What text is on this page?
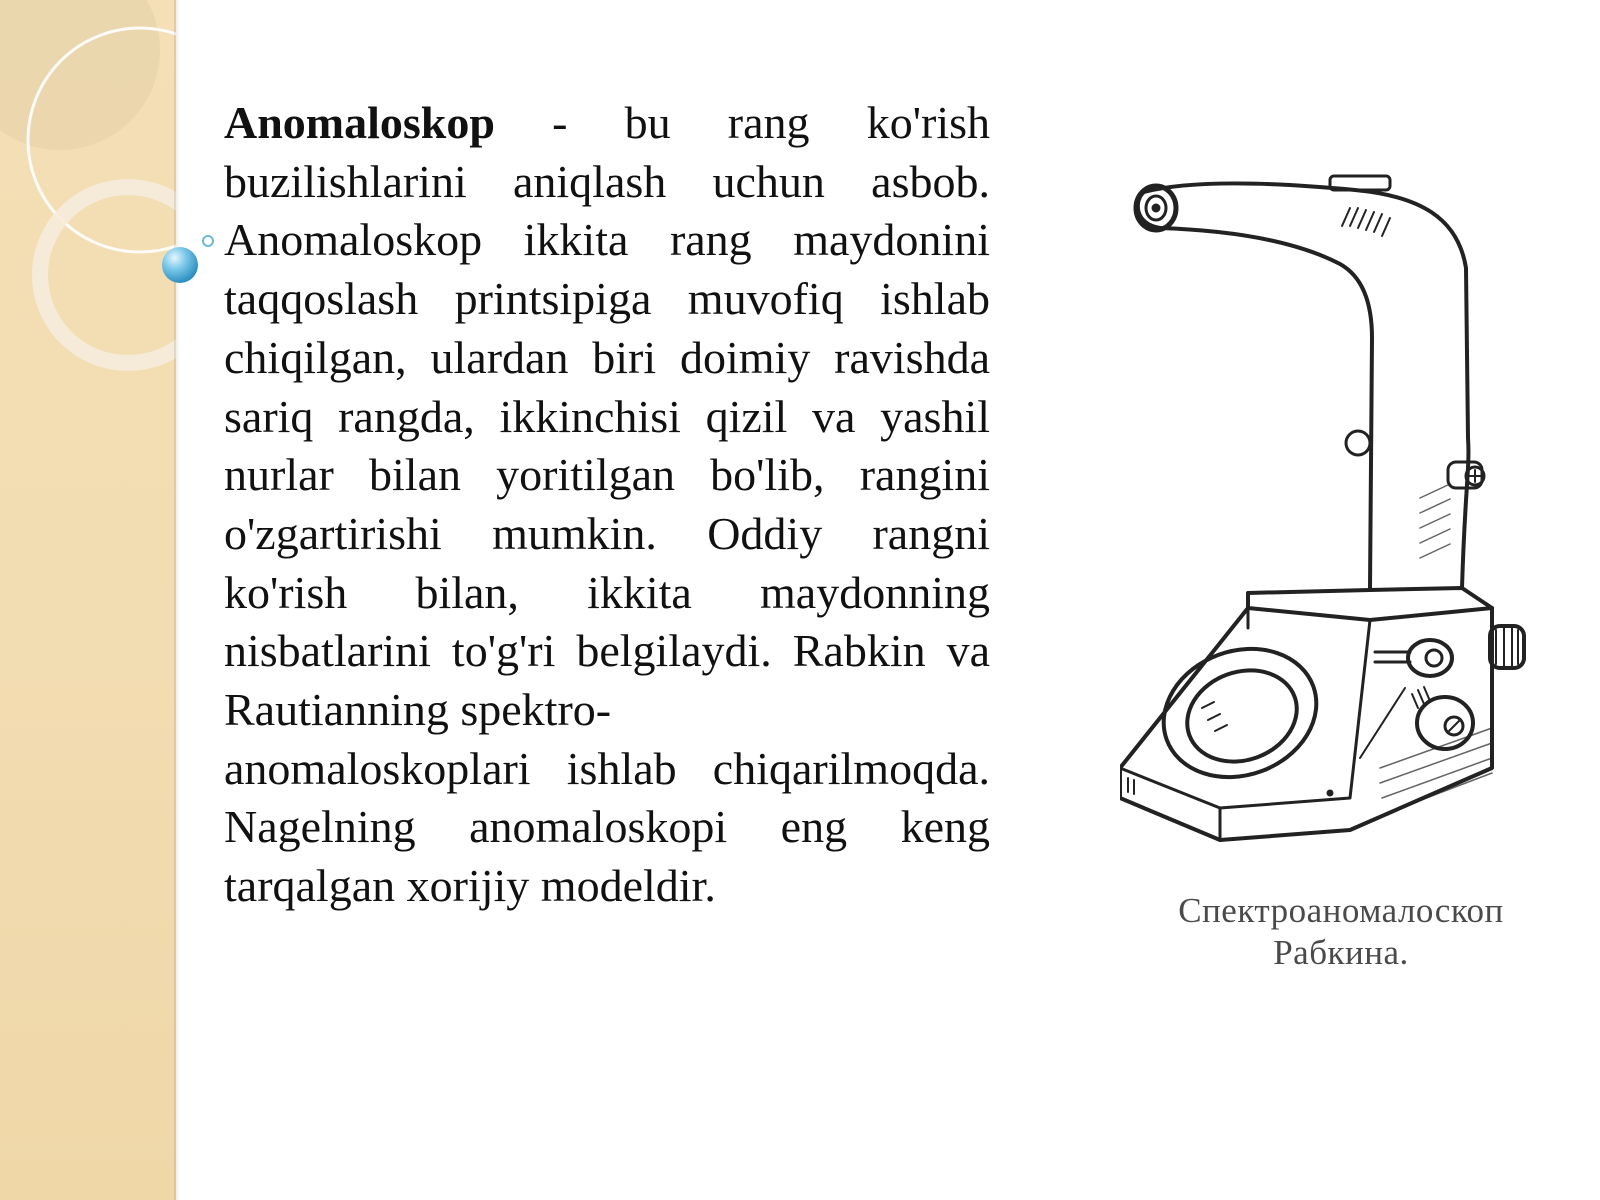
Anomaloskop - bu rang ko'rish buzilishlarini aniqlash uchun asbob. Anomaloskop ikkita rang maydonini taqqoslash printsipiga muvofiq ishlab chiqilgan, ulardan biri doimiy ravishda sariq rangda, ikkinchisi qizil va yashil nurlar bilan yoritilgan bo'lib, rangini o'zgartirishi mumkin. Oddiy rangni ko'rish bilan, ikkita maydonning nisbatlarini to'g'ri belgilaydi. Rabkin va Rautianning spektro-
anomaloskoplari ishlab chiqarilmoqda. Nagelning anomaloskopi eng keng tarqalgan xorijiy modeldir.	Спектроаномалоскоп
Рабкина.
